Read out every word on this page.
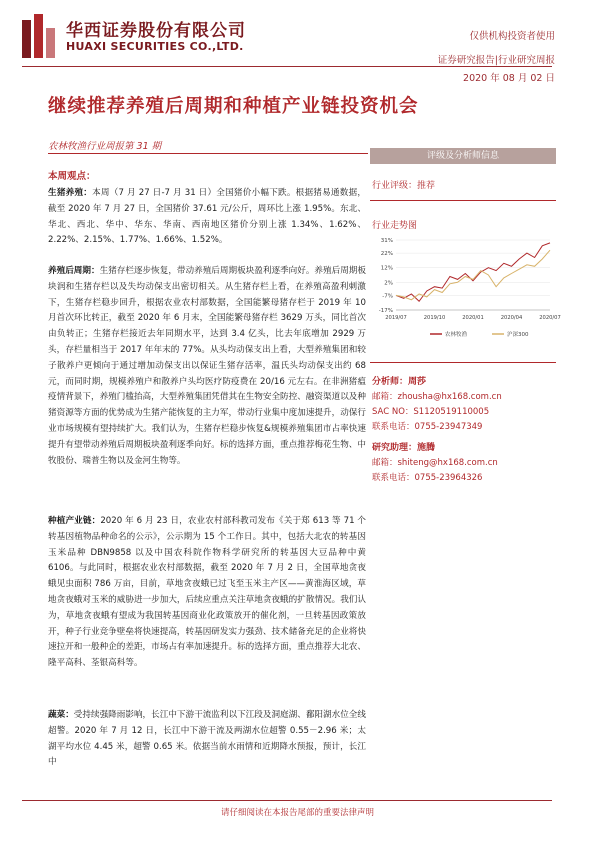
华西证券股份有限公司
HUAXI SECURITIES CO.,LTD.
仅供机构投资者使用
证券研究报告|行业研究周报
2020 年 08 月 02 日
继续推荐养殖后周期和种植产业链投资机会
农林牧渔行业周报第 31 期
本周观点：
生猪养殖：本周（7 月 27 日-7 月 31 日）全国猪价小幅下跌。根据猪易通数据，截至 2020 年 7 月 27 日，全国猪价 37.61 元/公斤，周环比上涨 1.95%。东北、华北、西北、华中、华东、华南、西南地区猪价分别上涨 1.34%、1.62%、2.22%、2.15%、1.77%、1.66%、1.52%。
养殖后周期：生猪存栏逐步恢复，带动养殖后周期板块盈利逐季向好。养殖后周期板块润和生猪存栏以及失均动保支出密切相关。从生猪存栏上看，在养殖高盈利刺激下，生猪存栏稳步回升，根据农业农村部数据，全国能繁母猪存栏于 2019 年 10 月首次环比转正，截至 2020 年 6 月末，全国能繁母猪存栏 3629 万头，同比首次由负转正；生猪存栏接近去年同期水平，达到 3.4 亿头，比去年底增加 2929 万头，存栏量相当于 2017 年年末的 77%。从头均动保支出上看，大型养殖集团和较子散养户更倾向于通过增加动保支出以保证生猪存活率，温氏头均动保支出约 68 元，而同时期，规模养殖户和散养户头均医疗防疫费在 20/16 元左右。在非洲猪瘟疫情背景下，养殖门槛抬高，大型养殖集团凭借其在生物安全防控、融资渠道以及种猪资源等方面的优势成为生猪产能恢复的主力军，带动行业集中度加速提升，动保行业市场规模有望持续扩大。我们认为，生猪存栏稳步恢复&规模养殖集团市占率快速提升有望带动养殖后周期板块盈利逐季向好。标的选择方面，重点推荐梅花生物、中牧股份、瑞普生物以及金河生物等。
种植产业链：2020 年 6 月 23 日，农业农村部科教司发布《关于郑 613 等 71 个转基因植物品种命名的公示》，公示期为 15 个工作日。其中，包括大北农的转基因玉米品种 DBN9858 以及中国农科院作物科学研究所的转基因大豆品种中黄 6106。与此同时，根据农业农村部数据，截至 2020 年 7 月 2 日，全国草地贪夜蛾见虫面积 786 万亩，目前，草地贪夜蛾已过飞至玉米主产区——黄淮海区域，草地贪夜蛾对玉米的威胁进一步加大，后续应重点关注草地贪夜蛾的扩散情况。我们认为，草地贪夜蛾有望成为我国转基因商业化政策放开的催化剂，一旦转基因政策放开，种子行业竞争壁垒将快速提高，转基因研发实力强劲、技术储备充足的企业将快速拉开和一般种企的差距，市场占有率加速提升。标的选择方面，重点推荐大北农、隆平高科、荃银高科等。
蔬菜：受持续强降雨影响，长江中下游干流监利以下江段及洞庭湖、鄱阳湖水位全线超警。2020 年 7 月 12 日，长江中下游干流及两湖水位超警 0.55－2.96 米；太湖平均水位 4.45 米，超警 0.65 米。依据当前水雨情和近期降水预报，预计，长江中
评级及分析师信息
行业评级：推荐
行业走势图
31%
22%
12%
2%
-7%
-17%
2019/07	2019/10	2020/01	2020/04	2020/07
农林牧渔	沪深300
分析师：周莎
邮箱：zhousha@hx168.com.cn
SAC NO：S1120519110005
联系电话：0755-23947349
研究助理：施腾
邮箱：shiteng@hx168.com.cn
联系电话：0755-23964326
请仔细阅读在本报告尾部的重要法律声明
